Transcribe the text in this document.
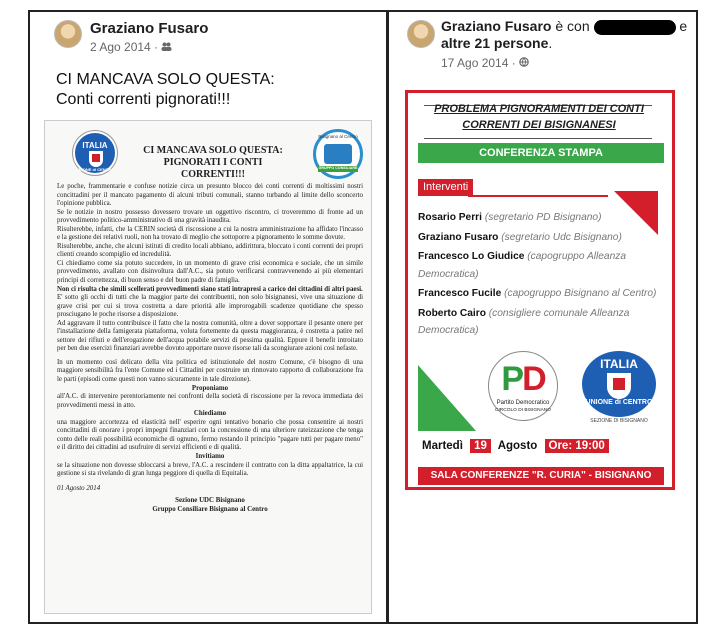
Graziano Fusaro
2 Ago 2014 ·
CI MANCAVA SOLO QUESTA:
Conti correnti pignorati!!!
ITALIA
UNIONE di CENTRO
CI MANCAVA SOLO QUESTA:
PIGNORATI I CONTI CORRENTI!!!
Bisignano al Centro
GRUPPO CONSILIARE

Le poche, frammentarie e confuse notizie circa un presunto blocco dei conti correnti di moltissimi nostri concittadini per il mancato pagamento di alcuni tributi comunali, stanno turbando al limite dello sconcerto l'opinione pubblica.

Se le notizie in nostro possesso dovessero trovare un oggettivo riscontro, ci troveremmo di fronte ad un provvedimento politico-amministrativo di una gravità inaudita.

Risulterebbe, infatti, che la CERIN società di riscossione a cui la nostra amministrazione ha affidato l'incasso e la gestione dei relativi ruoli, non ha trovato di meglio che sottoporre a pignoramento le somme dovute.

Risulterebbe, anche, che alcuni istituti di credito locali abbiano, addirittura, bloccato i conti correnti dei propri clienti creando scompiglio ed incredulità.

Ci chiediamo come sia potuto succedere, in un momento di grave crisi economica e sociale, che un simile provvedimento, avallato con disinvoltura dall'A.C., sia potuto verificarsi contravvenendo ai più elementari principi di correttezza, di buon senso e del buon padre di famiglia.

Non ci risulta che simili scellerati provvedimenti siano stati intrapresi a carico dei cittadini di altri paesi.

E' sotto gli occhi di tutti che la maggior parte dei contribuenti, non solo bisignanesi, vive una situazione di grave crisi per cui si trova costretta a dare priorità alle improrogabili scadenze quotidiane che spesso prosciugano le poche risorse a disposizione.

Ad aggravare il tutto contribuisce il fatto che la nostra comunità, oltre a dover sopportare il pesante onere per l'installazione della famigerata piattaforma, voluta fortemente da questa maggioranza, è costretta a patire nel settore dei rifiuti e dell'erogazione dell'acqua potabile servizi di pessima qualità. Eppure il benefit introitato per ben due esercizi finanziari avrebbe dovuto apportare nuove risorse tali da scongiurare azioni così nefaste.

In un momento così delicato della vita politica ed istituzionale del nostro Comune, c'è bisogno di una maggiore sensibilità fra l'ente Comune ed i Cittadini per costruire un rinnovato rapporto di collaborazione fra le parti (episodi come questi non vanno sicuramente in tale direzione).

Proponiamo

all'A.C. di intervenire perentoriamente nei confronti della società di riscossione per la revoca immediata dei provvedimenti messi in atto.

Chiediamo

una maggiore accortezza ed elasticità nell' esperire ogni tentativo bonario che possa consentire ai nostri concittadini di onorare i propri impegni finanziari con la concessione di una ulteriore rateizzazione che tenga conto delle reali possibilità economiche di ognuno, fermo restando il principio "pagare tutti per pagare meno" e il diritto dei cittadini ad usufruire di servizi efficienti e di qualità.

Invitiamo

se la situazione non dovesse sbloccarsi a breve, l'A.C. a rescindere il contratto con la ditta appaltatrice, la cui gestione si sta rivelando di gran lunga peggiore di quella di Equitalia.

01 Agosto 2014

Sezione UDC Bisignano

Gruppo Consiliare Bisignano al Centro

Graziano Fusaro è con	e
altre 21 persone.
17 Ago 2014 ·
PROBLEMA PIGNORAMENTI DEI CONTI
CORRENTI DEI BISIGNANESI
CONFERENZA STAMPA
Interventi
Rosario Perri (segretario PD Bisignano)
Graziano Fusaro (segretario Udc Bisignano)
Francesco Lo Giudice (capogruppo Alleanza Democratica)
Francesco Fucile (capogruppo Bisignano al Centro)
Roberto Cairo (consigliere comunale Alleanza Democratica)
PD
Partito Democratico
CIRCOLO DI BISIGNANO
ITALIA
UNIONE di CENTRO
SEZIONE DI BISIGNANO
Martedì 19 Agosto Ore: 19:00
SALA CONFERENZE "R. CURIA" - BISIGNANO
